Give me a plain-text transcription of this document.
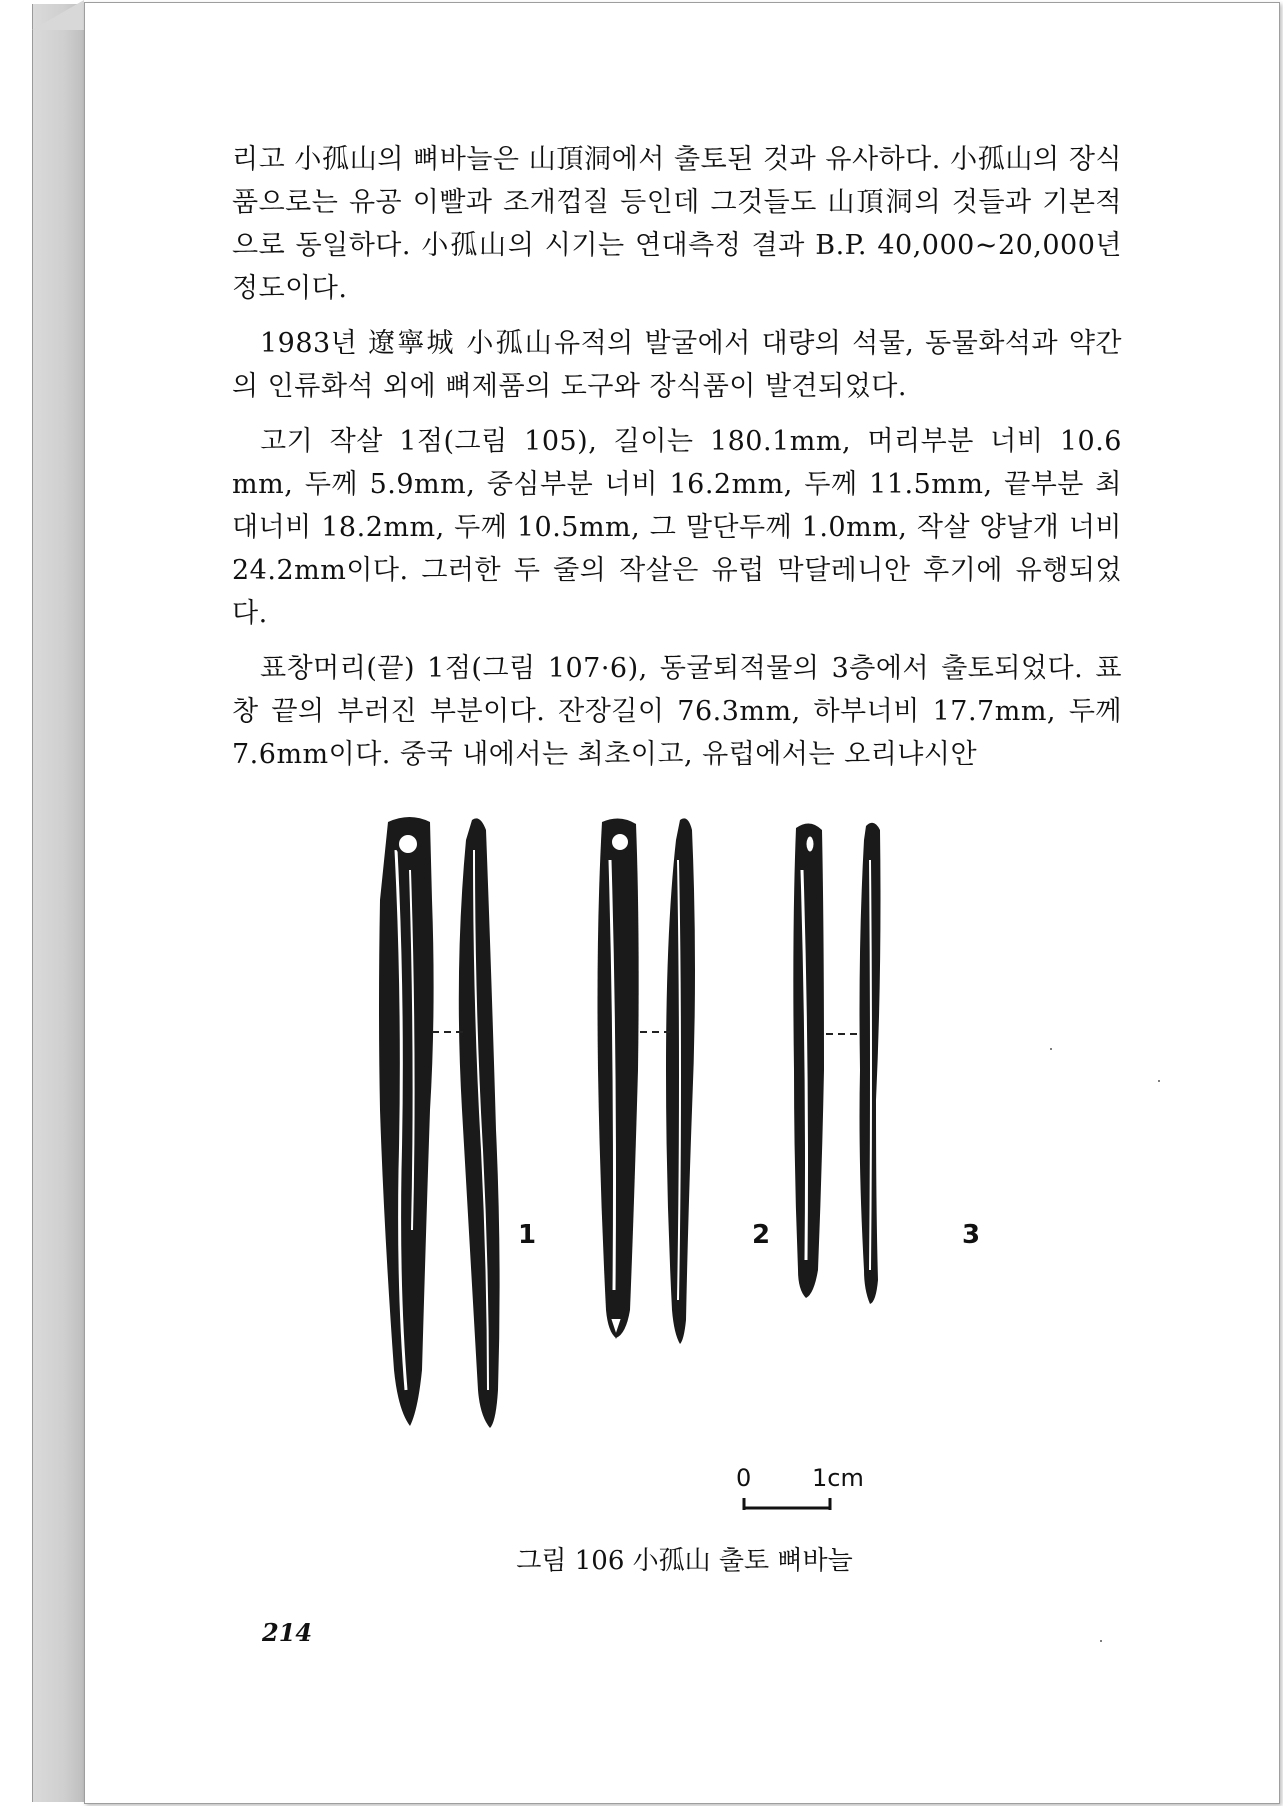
리고 小孤山의 뼈바늘은 山頂洞에서 출토된 것과 유사하다. 小孤山의 장식품으로는 유공 이빨과 조개껍질 등인데 그것들도 山頂洞의 것들과 기본적으로 동일하다. 小孤山의 시기는 연대측정 결과 B.P. 40,000~20,000년 정도이다.

1983년 遼寧城 小孤山유적의 발굴에서 대량의 석물, 동물화석과 약간의 인류화석 외에 뼈제품의 도구와 장식품이 발견되었다.

고기 작살 1점(그림 105), 길이는 180.1mm, 머리부분 너비 10.6 mm, 두께 5.9mm, 중심부분 너비 16.2mm, 두께 11.5mm, 끝부분 최대너비 18.2mm, 두께 10.5mm, 그 말단두께 1.0mm, 작살 양날개 너비 24.2mm이다. 그러한 두 줄의 작살은 유럽 막달레니안 후기에 유행되었다.

표창머리(끝) 1점(그림 107·6), 동굴퇴적물의 3층에서 출토되었다. 표창 끝의 부러진 부분이다. 잔장길이 76.3mm, 하부너비 17.7mm, 두께 7.6mm이다. 중국 내에서는 최초이고, 유럽에서는 오리냐시안

1	2	3
0	1cm
그림 106 小孤山 출토 뼈바늘
214
